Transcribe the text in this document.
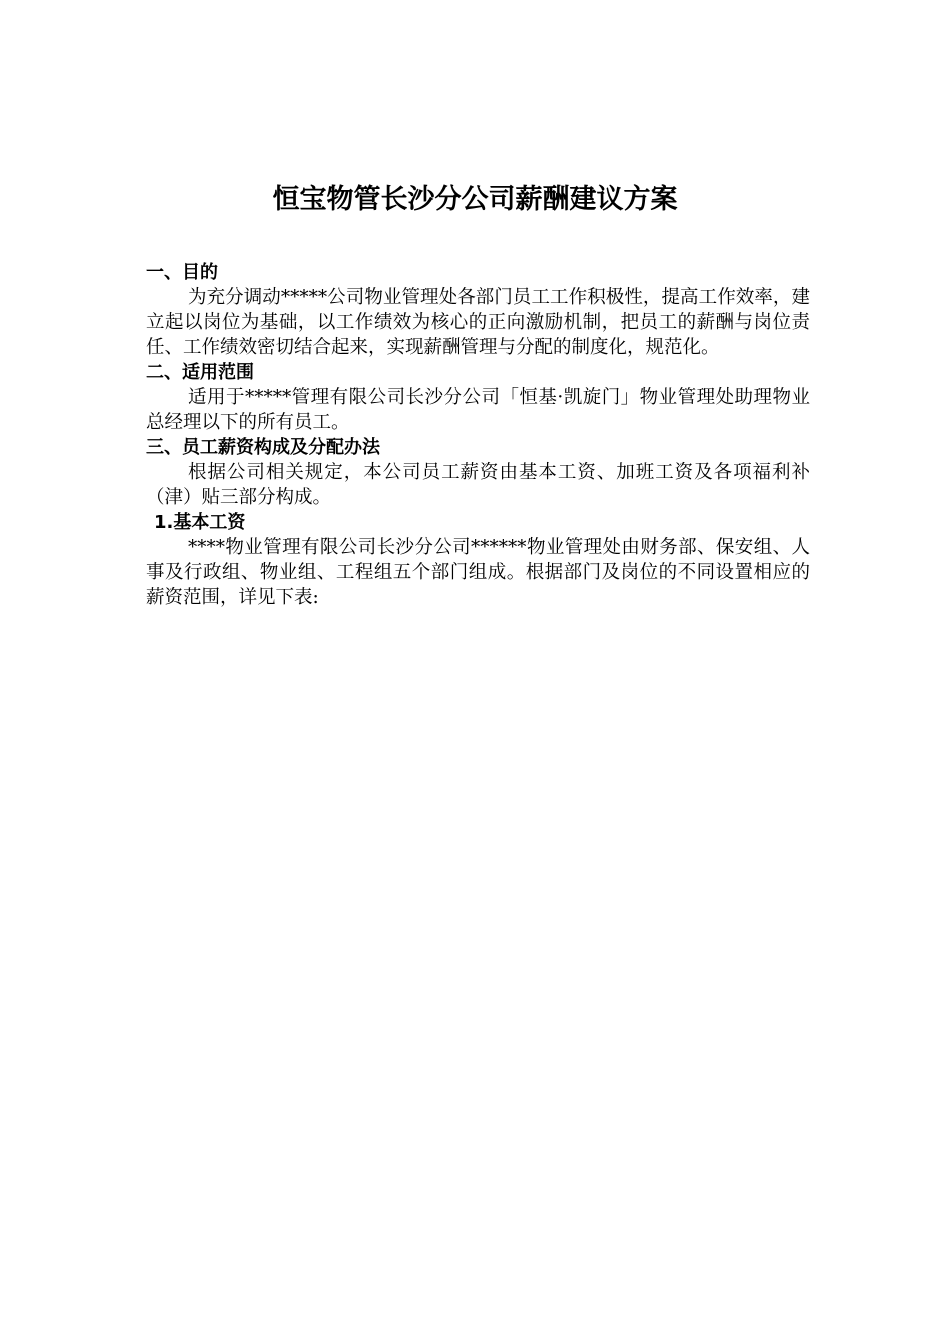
恒宝物管长沙分公司薪酬建议方案

一、目的

为充分调动*****公司物业管理处各部门员工工作积极性，提高工作效率，建立起以岗位为基础，以工作绩效为核心的正向激励机制，把员工的薪酬与岗位责任、工作绩效密切结合起来，实现薪酬管理与分配的制度化，规范化。

二、适用范围

适用于*****管理有限公司长沙分公司「恒基·凯旋门」物业管理处助理物业总经理以下的所有员工。

三、员工薪资构成及分配办法

根据公司相关规定，本公司员工薪资由基本工资、加班工资及各项福利补（津）贴三部分构成。

1.基本工资

****物业管理有限公司长沙分公司******物业管理处由财务部、保安组、人事及行政组、物业组、工程组五个部门组成。根据部门及岗位的不同设置相应的薪资范围，详见下表:
